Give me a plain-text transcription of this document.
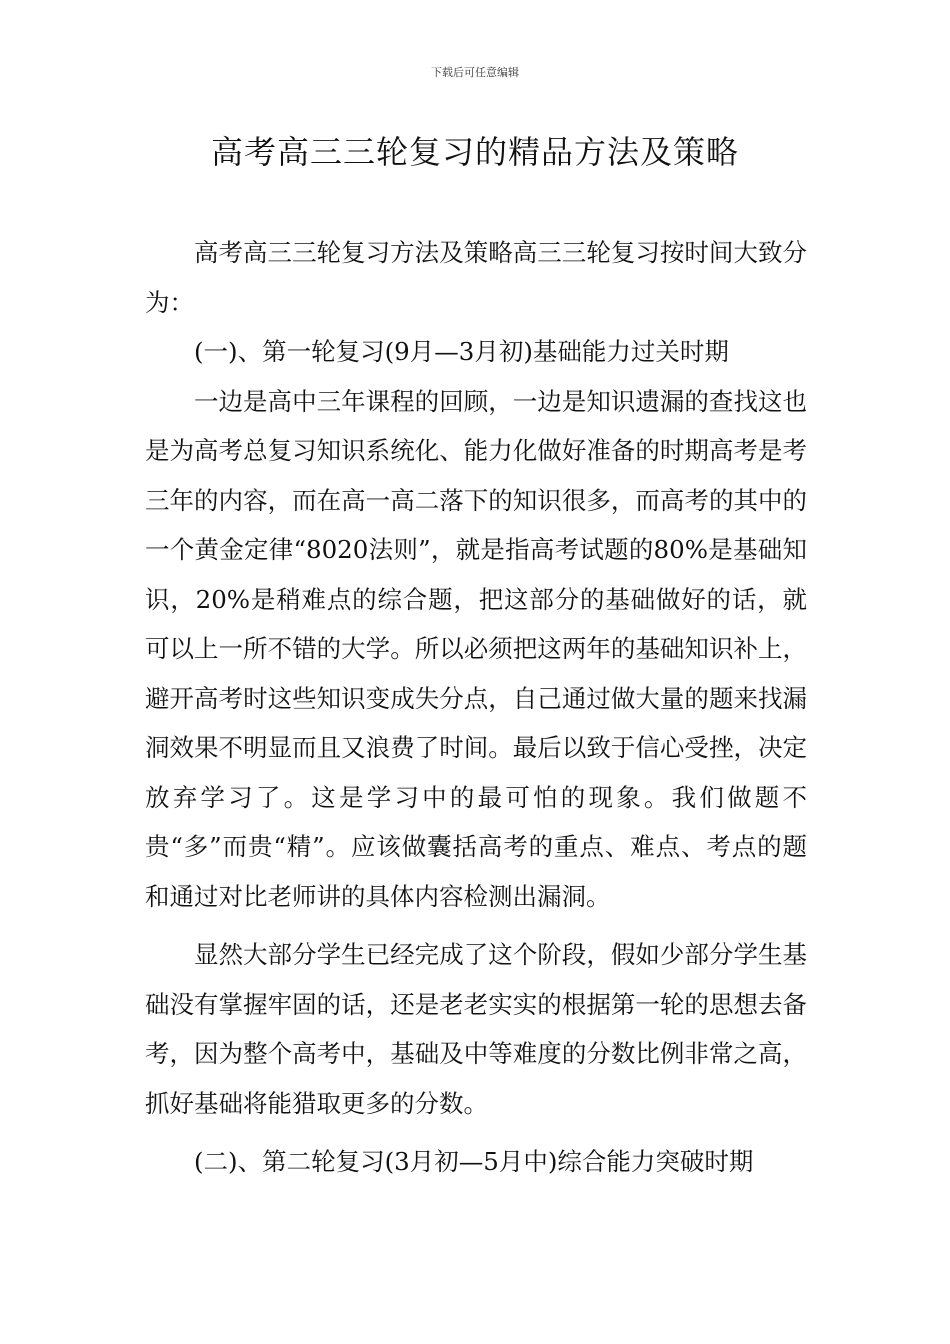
下载后可任意编辑
高考高三三轮复习的精品方法及策略

高考高三三轮复习方法及策略高三三轮复习按时间大致分为：

(一)、第一轮复习(9月—3月初)基础能力过关时期

一边是高中三年课程的回顾，一边是知识遗漏的查找这也是为高考总复习知识系统化、能力化做好准备的时期高考是考三年的内容，而在高一高二落下的知识很多，而高考的其中的一个黄金定律“8020法则”，就是指高考试题的80%是基础知识，20%是稍难点的综合题，把这部分的基础做好的话，就可以上一所不错的大学。所以必须把这两年的基础知识补上，避开高考时这些知识变成失分点，自己通过做大量的题来找漏洞效果不明显而且又浪费了时间。最后以致于信心受挫，决定放弃学习了。这是学习中的最可怕的现象。我们做题不贵“多”而贵“精”。应该做囊括高考的重点、难点、考点的题和通过对比老师讲的具体内容检测出漏洞。

显然大部分学生已经完成了这个阶段，假如少部分学生基础没有掌握牢固的话，还是老老实实的根据第一轮的思想去备考，因为整个高考中，基础及中等难度的分数比例非常之高，抓好基础将能猎取更多的分数。

(二)、第二轮复习(3月初—5月中)综合能力突破时期
